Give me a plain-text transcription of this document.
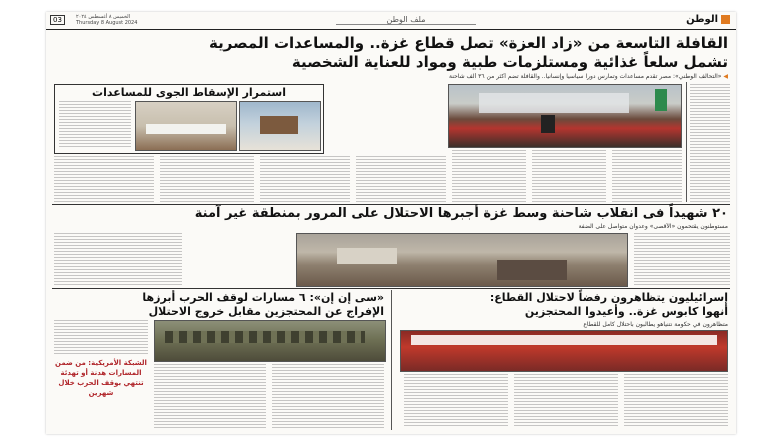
الوطن
ملف الوطن
الخميس ٨ أغسطس ٢٠٢٤
Thursday 8 August 2024
03
القافلة التاسعة من «زاد العزة» تصل قطاع غزة.. والمساعدات المصرية
تشمل سلعاً غذائية ومستلزمات طبية ومواد للعناية الشخصية
◀ «التحالف الوطني»: مصر تقدم مساعدات وتمارس دوراً سياسياً وإنسانياً.. والقافلة تضم أكثر من ٣٦ ألف شاحنة
استمرار الإسقاط الجوى للمساعدات
٢٠ شهيداً فى انقلاب شاحنة وسط غزة أجبرها الاحتلال على المرور بمنطقة غير آمنة
مستوطنون يقتحمون «الأقصى» وعدوان متواصل على الضفة
إسرائيليون يتظاهرون رفضاً لاحتلال القطاع:
أنهوا كابوس غزة.. وأعيدوا المحتجزين
متظاهرون في حكومة نتنياهو يطالبون باحتلال كامل للقطاع
«سى إن إن»: ٦ مسارات لوقف الحرب أبرزها
الإفراج عن المحتجزين مقابل خروج الاحتلال
الشبكة الأمريكية: من ضمن المسارات هدنة أو تهدئة تنتهي بوقف الحرب خلال شهرين
